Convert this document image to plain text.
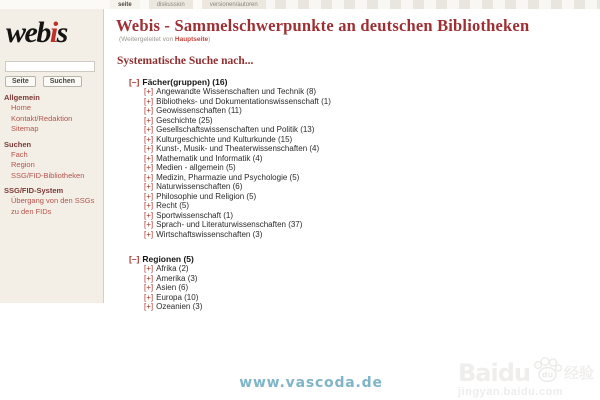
seite	diskussion	versionen/autoren
webis
Seite	Suchen
Allgemein
Home
Kontakt/Redaktion
Sitemap
Suchen
Fach
Region
SSG/FID-Bibliotheken
SSG/FID-System
Übergang von den SSGs zu den FIDs
Webis - Sammelschwerpunkte an deutschen Bibliotheken
(Weitergeleitet von Hauptseite)
Systematische Suche nach...
[–] Fächer(gruppen) (16)
[+] Angewandte Wissenschaften und Technik (8)
[+] Bibliotheks- und Dokumentationswissenschaft (1)
[+] Geowissenschaften (11)
[+] Geschichte (25)
[+] Gesellschaftswissenschaften und Politik (13)
[+] Kulturgeschichte und Kulturkunde (15)
[+] Kunst-, Musik- und Theaterwissenschaften (4)
[+] Mathematik und Informatik (4)
[+] Medien - allgemein (5)
[+] Medizin, Pharmazie und Psychologie (5)
[+] Naturwissenschaften (6)
[+] Philosophie und Religion (5)
[+] Recht (5)
[+] Sportwissenschaft (1)
[+] Sprach- und Literaturwissenschaften (37)
[+] Wirtschaftswissenschaften (3)
[–] Regionen (5)
[+] Afrika (2)
[+] Amerika (3)
[+] Asien (6)
[+] Europa (10)
[+] Ozeanien (3)
www.vascoda.de	Baidu du 经验
jingyan.baidu.com
